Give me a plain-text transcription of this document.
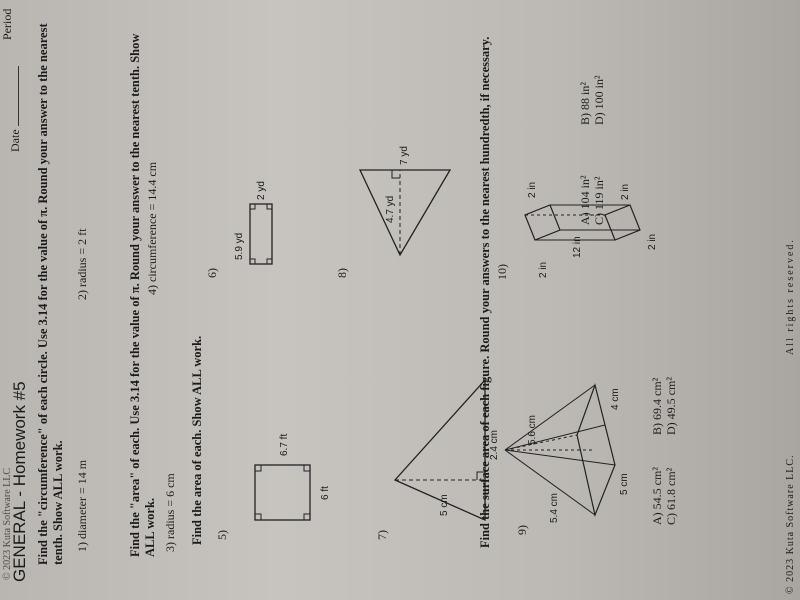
© 2023 Kuta Software LLC
GENERAL - Homework #5
Date
Period Find the "circumference" of each circle. Use 3.14 for the value of π. Round your answer to the nearest tenth. Show ALL work. 1) diameter = 14 m
2) radius = 2 ft	Find the "area" of each. Use 3.14 for the value of π. Round your answer to the nearest tenth. Show ALL work. 3) radius = 6 cm
4) circumference = 14.4 cm
Find the area of each. Show ALL work. 5)
6)
6.7 ft
6 ft
5.9 yd
2 yd
7)
8)
5 cm
2.4 cm
4.7 yd
7 yd	Find the surface area of each figure. Round your answers to the nearest hundredth, if necessary. 9)
10)
5.6 cm
5.4 cm
5 cm
4 cm
12 in
2 in	2 in
2 in
2 in
A) 54.5 cm² C) 61.8 cm²
B) 69.4 cm² D) 49.5 cm²
A) 104 in² C) 119 in²
B) 88 in² D) 100 in²
© 2023 Kuta Software LLC.
All rights reserved.
